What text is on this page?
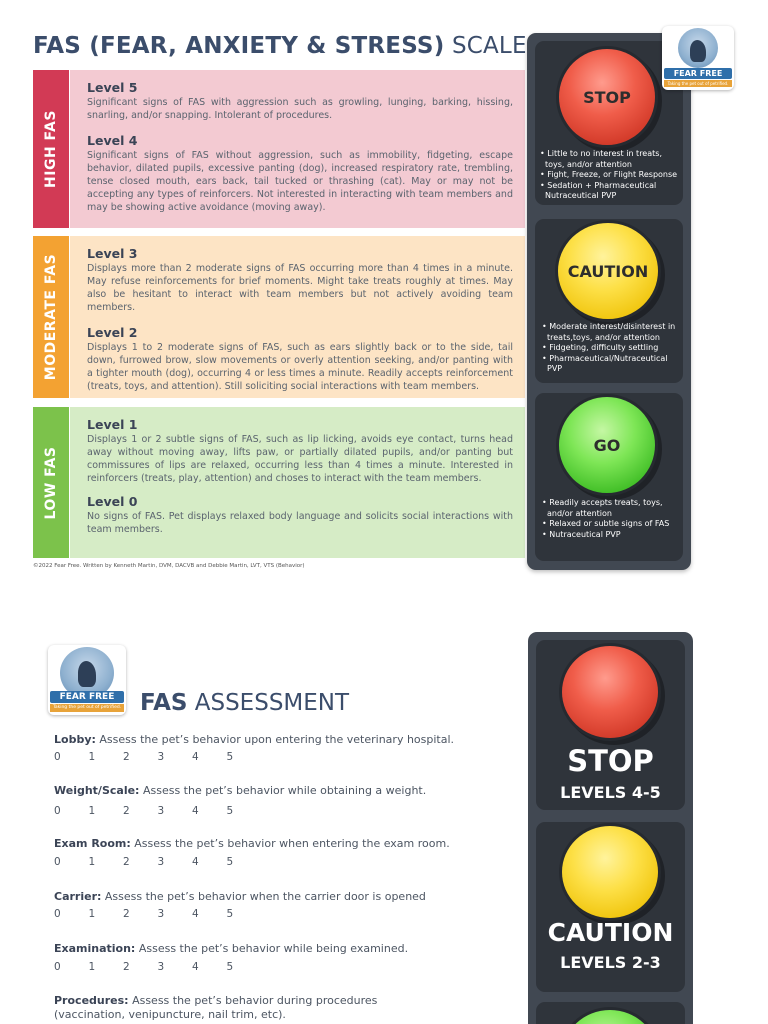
FAS (FEAR, ANXIETY & STRESS) SCALE
HIGH FAS
Level 5
Significant signs of FAS with aggression such as growling, lunging, barking, hissing, snarling, and/or snapping. Intolerant of procedures.
Level 4
Significant signs of FAS without aggression, such as immobility, fidgeting, escape behavior, dilated pupils, excessive panting (dog), increased respiratory rate, trembling, tense closed mouth, ears back, tail tucked or thrashing (cat). May or may not be accepting any types of reinforcers. Not interested in interacting with team members and may be showing active avoidance (moving away).
MODERATE FAS
Level 3
Displays more than 2 moderate signs of FAS occurring more than 4 times in a minute. May refuse reinforcements for brief moments. Might take treats roughly at times. May also be hesitant to interact with team members but not actively avoiding team members.
Level 2
Displays 1 to 2 moderate signs of FAS, such as ears slightly back or to the side, tail down, furrowed brow, slow movements or overly attention seeking, and/or panting with a tighter mouth (dog), occurring 4 or less times a minute. Readily accepts reinforcement (treats, toys, and attention). Still soliciting social interactions with team members.
LOW FAS
Level 1
Displays 1 or 2 subtle signs of FAS, such as lip licking, avoids eye contact, turns head away without moving away, lifts paw, or partially dilated pupils, and/or panting but commissures of lips are relaxed, occurring less than 4 times a minute. Interested in reinforcers (treats, play, attention) and choses to interact with the team members.
Level 0
No signs of FAS. Pet displays relaxed body language and solicits social interactions with team members.
©2022 Fear Free. Written by Kenneth Martin, DVM, DACVB and Debbie Martin, LVT, VTS (Behavior)
STOP
• Little to no interest in treats, toys, and/or attention
• Fight, Freeze, or Flight Response
• Sedation + Pharmaceutical Nutraceutical PVP
CAUTION
• Moderate interest/disinterest in treats,toys, and/or attention
• Fidgeting, difficulty settling
• Pharmaceutical/Nutraceutical PVP
GO
• Readily accepts treats, toys, and/or attention
• Relaxed or subtle signs of FAS
• Nutraceutical PVP
FEAR FREE
Taking the pet out of petrified.
FEAR FREE
Taking the pet out of petrified. FAS ASSESSMENT
Lobby: Assess the pet’s behavior upon entering the veterinary hospital.
0	1	2	3	4	5
Weight/Scale: Assess the pet’s behavior while obtaining a weight.
0	1	2	3	4	5
Exam Room: Assess the pet’s behavior when entering the exam room.
0	1	2	3	4	5
Carrier: Assess the pet’s behavior when the carrier door is opened
0	1	2	3	4	5
Examination: Assess the pet’s behavior while being examined.
0	1	2	3	4	5
Procedures: Assess the pet’s behavior during procedures (vaccination, venipuncture, nail trim, etc).
STOP
LEVELS 4-5
CAUTION
LEVELS 2-3
